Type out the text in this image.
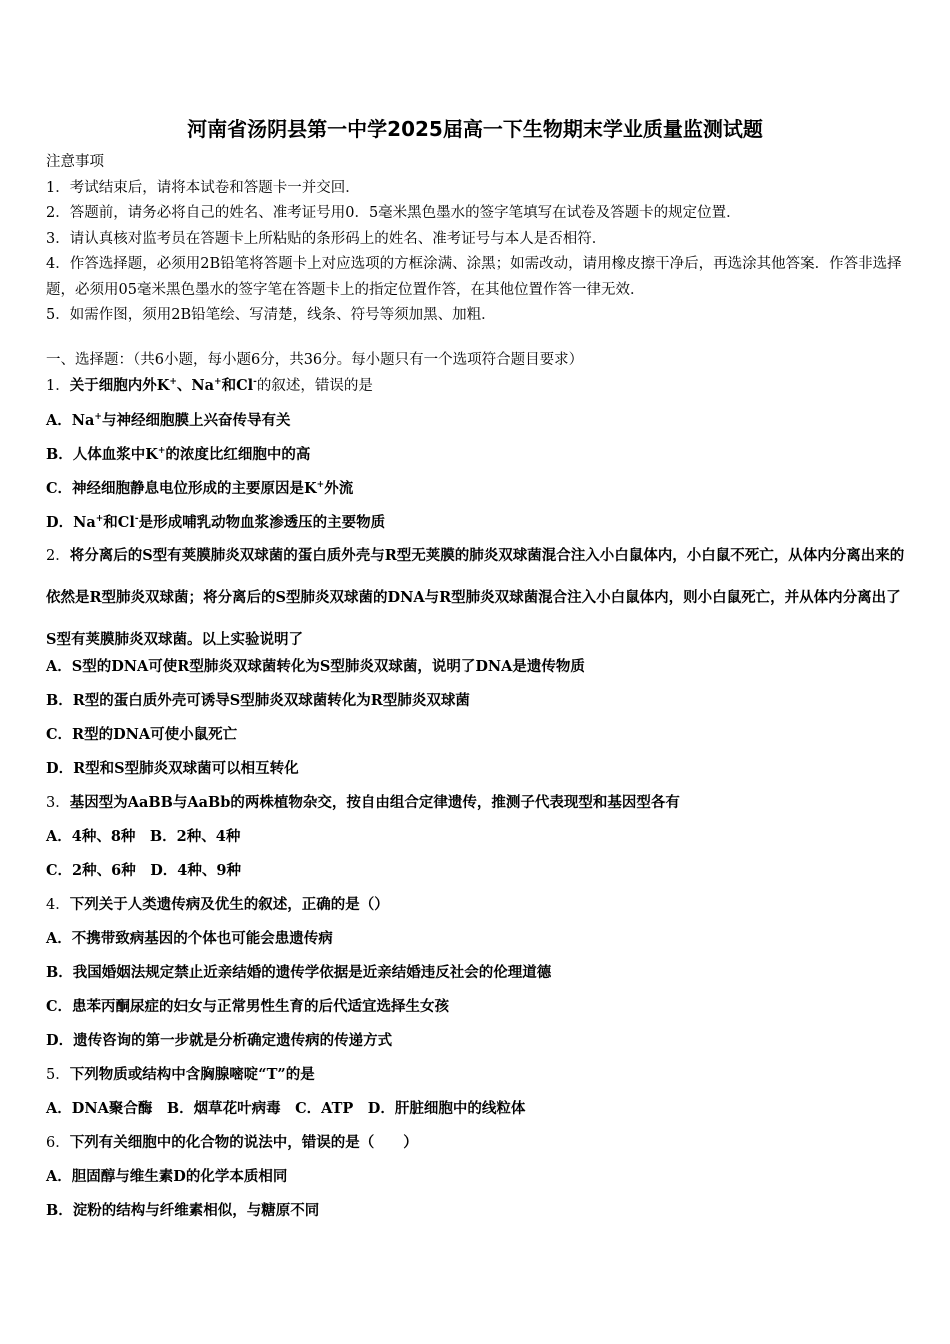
河南省汤阴县第一中学2025届高一下生物期末学业质量监测试题
注意事项
1．考试结束后，请将本试卷和答题卡一并交回．
2．答题前，请务必将自己的姓名、准考证号用0．5毫米黑色墨水的签字笔填写在试卷及答题卡的规定位置．
3．请认真核对监考员在答题卡上所粘贴的条形码上的姓名、准考证号与本人是否相符．
4．作答选择题，必须用2B铅笔将答题卡上对应选项的方框涂满、涂黑；如需改动，请用橡皮擦干净后，再选涂其他答案．作答非选择题，必须用05毫米黑色墨水的签字笔在答题卡上的指定位置作答，在其他位置作答一律无效．
5．如需作图，须用2B铅笔绘、写清楚，线条、符号等须加黑、加粗．
一、选择题：（共6小题，每小题6分，共36分。每小题只有一个选项符合题目要求）
1．关于细胞内外K+、Na+和Cl-的叙述，错误的是
A．Na+与神经细胞膜上兴奋传导有关
B．人体血浆中K+的浓度比红细胞中的高
C．神经细胞静息电位形成的主要原因是K+外流
D．Na+和Cl-是形成哺乳动物血浆渗透压的主要物质
2．将分离后的S型有荚膜肺炎双球菌的蛋白质外壳与R型无荚膜的肺炎双球菌混合注入小白鼠体内，小白鼠不死亡，从体内分离出来的依然是R型肺炎双球菌；将分离后的S型肺炎双球菌的DNA与R型肺炎双球菌混合注入小白鼠体内，则小白鼠死亡，并从体内分离出了S型有荚膜肺炎双球菌。以上实验说明了
A．S型的DNA可使R型肺炎双球菌转化为S型肺炎双球菌，说明了DNA是遗传物质
B．R型的蛋白质外壳可诱导S型肺炎双球菌转化为R型肺炎双球菌
C．R型的DNA可使小鼠死亡
D．R型和S型肺炎双球菌可以相互转化
3．基因型为AaBB与AaBb的两株植物杂交，按自由组合定律遗传，推测子代表现型和基因型各有
A．4种、8种　B．2种、4种
C．2种、6种　D．4种、9种
4．下列关于人类遗传病及优生的叙述，正确的是（）
A．不携带致病基因的个体也可能会患遗传病
B．我国婚姻法规定禁止近亲结婚的遗传学依据是近亲结婚违反社会的伦理道德
C．患苯丙酮尿症的妇女与正常男性生育的后代适宜选择生女孩
D．遗传咨询的第一步就是分析确定遗传病的传递方式
5．下列物质或结构中含胸腺嘧啶“T”的是
A．DNA聚合酶　B．烟草花叶病毒　C．ATP　D．肝脏细胞中的线粒体
6．下列有关细胞中的化合物的说法中，错误的是（　　）
A．胆固醇与维生素D的化学本质相同
B．淀粉的结构与纤维素相似，与糖原不同
